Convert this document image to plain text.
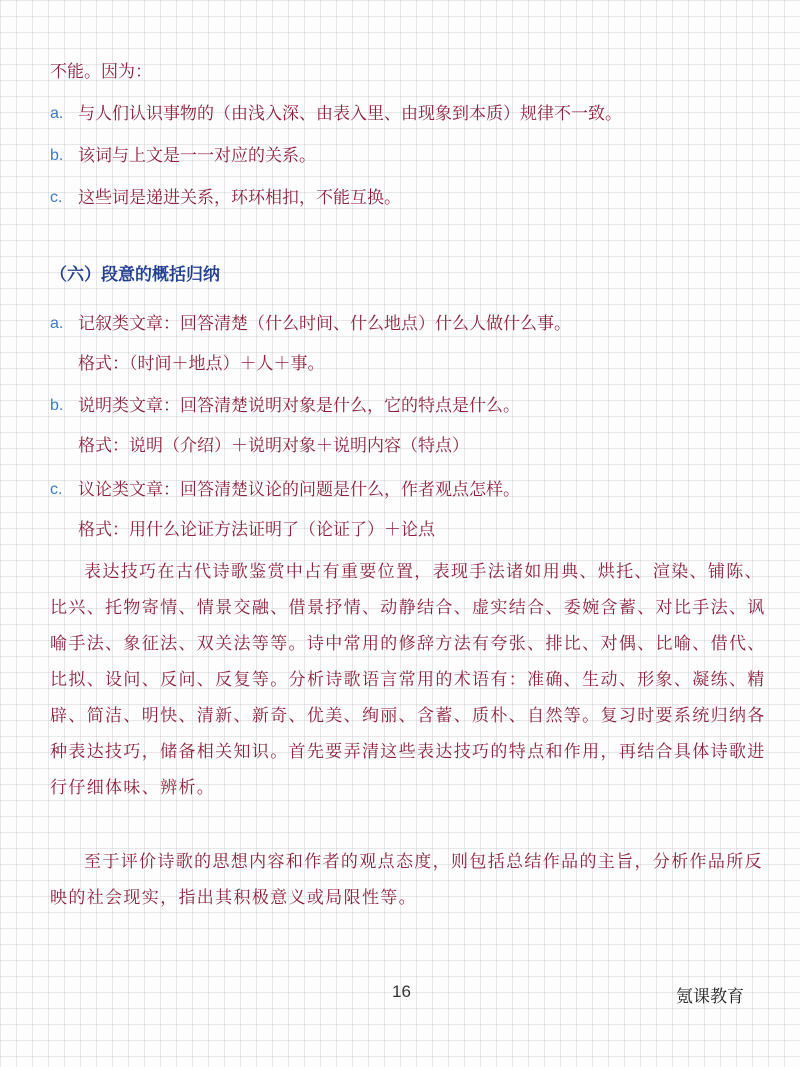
不能。因为：
a. 与人们认识事物的（由浅入深、由表入里、由现象到本质）规律不一致。
b. 该词与上文是一一对应的关系。
c. 这些词是递进关系，环环相扣，不能互换。
（六）段意的概括归纳
a. 记叙类文章：回答清楚（什么时间、什么地点）什么人做什么事。
格式：（时间＋地点）＋人＋事。
b. 说明类文章：回答清楚说明对象是什么，它的特点是什么。
格式：说明（介绍）＋说明对象＋说明内容（特点）
c. 议论类文章：回答清楚议论的问题是什么，作者观点怎样。
格式：用什么论证方法证明了（论证了）＋论点

表达技巧在古代诗歌鉴赏中占有重要位置，表现手法诸如用典、烘托、渲染、铺陈、比兴、托物寄情、情景交融、借景抒情、动静结合、虚实结合、委婉含蓄、对比手法、讽喻手法、象征法、双关法等等。诗中常用的修辞方法有夸张、排比、对偶、比喻、借代、比拟、设问、反问、反复等。分析诗歌语言常用的术语有：准确、生动、形象、凝练、精辟、简洁、明快、清新、新奇、优美、绚丽、含蓄、质朴、自然等。复习时要系统归纳各种表达技巧，储备相关知识。首先要弄清这些表达技巧的特点和作用，再结合具体诗歌进行仔细体味、辨析。

至于评价诗歌的思想内容和作者的观点态度，则包括总结作品的主旨，分析作品所反映的社会现实，指出其积极意义或局限性等。

16	氪课教育
